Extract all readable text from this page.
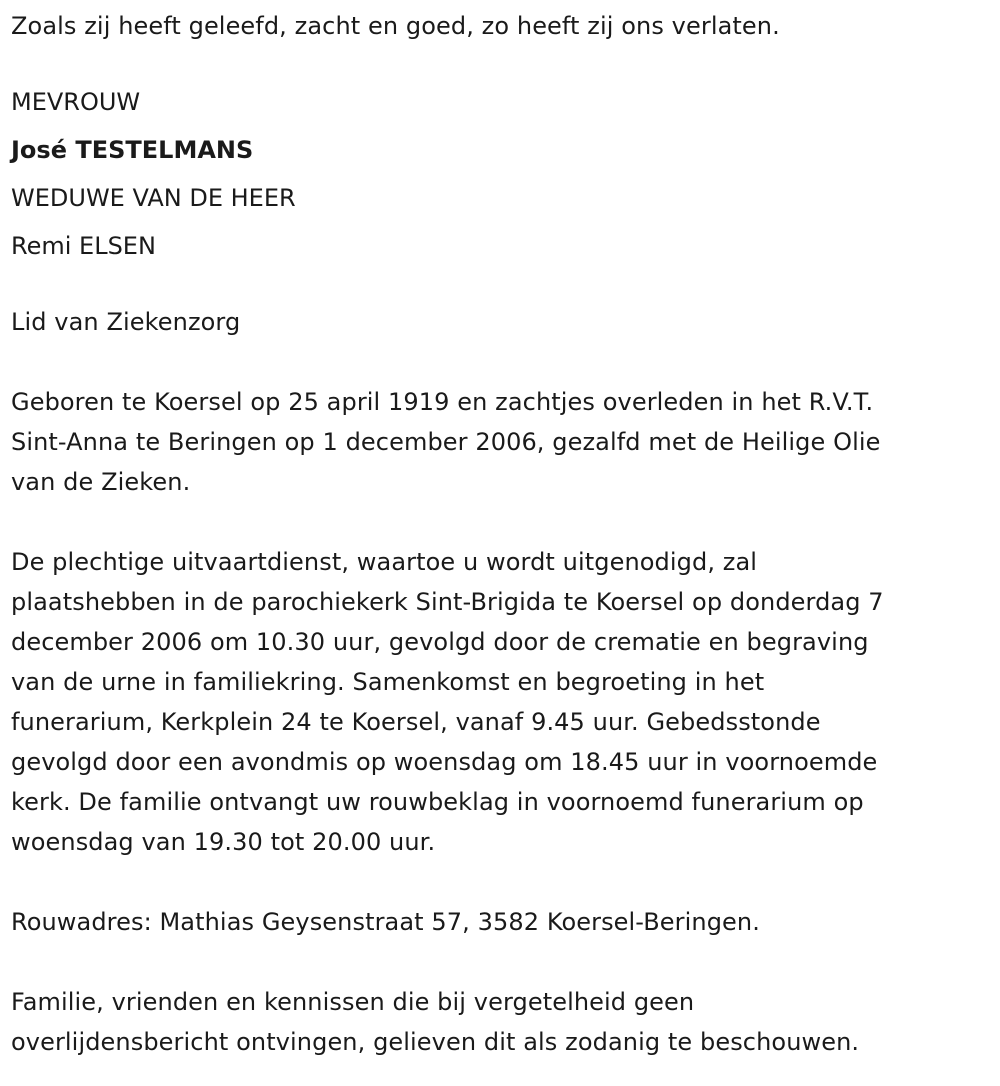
Zoals zij heeft geleefd, zacht en goed, zo heeft zij ons verlaten.

MEVROUW

José TESTELMANS

WEDUWE VAN DE HEER

Remi ELSEN

Lid van Ziekenzorg

Geboren te Koersel op 25 april 1919 en zachtjes overleden in het R.V.T.

Sint-Anna te Beringen op 1 december 2006, gezalfd met de Heilige Olie

van de Zieken.

De plechtige uitvaartdienst, waartoe u wordt uitgenodigd, zal

plaatshebben in de parochiekerk Sint-Brigida te Koersel op donderdag 7

december 2006 om 10.30 uur, gevolgd door de crematie en begraving

van de urne in familiekring. Samenkomst en begroeting in het

funerarium, Kerkplein 24 te Koersel, vanaf 9.45 uur. Gebedsstonde

gevolgd door een avondmis op woensdag om 18.45 uur in voornoemde

kerk. De familie ontvangt uw rouwbeklag in voornoemd funerarium op

woensdag van 19.30 tot 20.00 uur.

Rouwadres: Mathias Geysenstraat 57, 3582 Koersel-Beringen.

Familie, vrienden en kennissen die bij vergetelheid geen

overlijdensbericht ontvingen, gelieven dit als zodanig te beschouwen.
